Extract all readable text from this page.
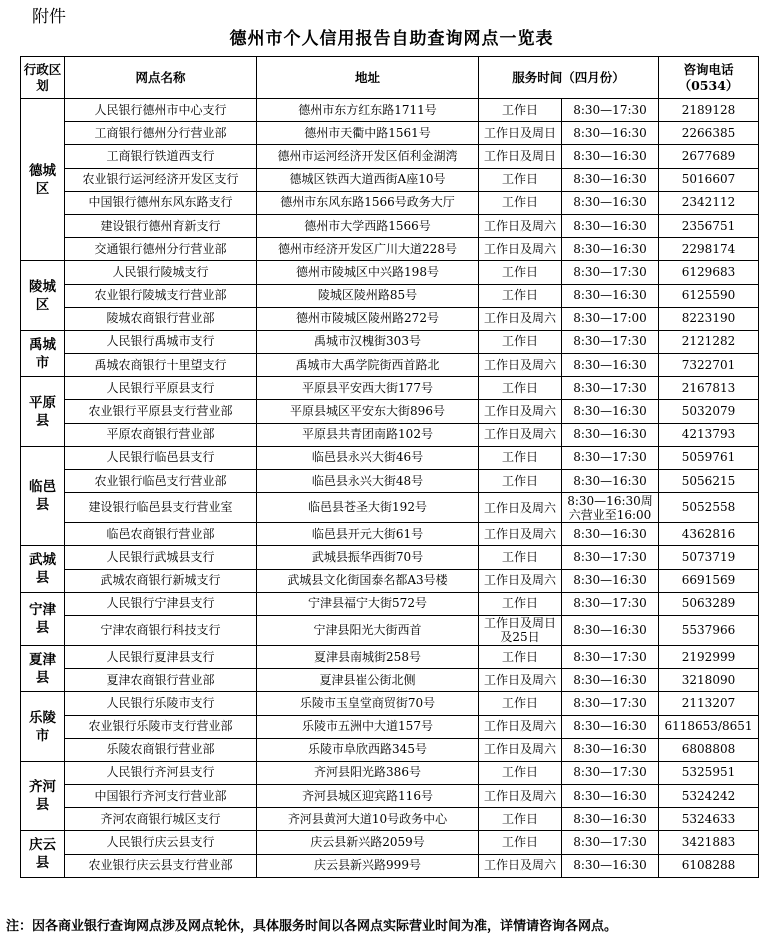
附件
德州市个人信用报告自助查询网点一览表
行政区划	网点名称	地址	服务时间（四月份）		咨询电话（0534）
德城区	人民银行德州市中心支行	德州市东方红东路1711号	工作日	8:30—17:30	2189128
	工商银行德州分行营业部	德州市天衢中路1561号	工作日及周日	8:30—16:30	2266385
	工商银行铁道西支行	德州市运河经济开发区佰利金湖湾	工作日及周日	8:30—16:30	2677689
	农业银行运河经济开发区支行	德城区铁西大道西街A座10号	工作日	8:30—16:30	5016607
	中国银行德州东风东路支行	德州市东风东路1566号政务大厅	工作日	8:30—16:30	2342112
	建设银行德州育新支行	德州市大学西路1566号	工作日及周六	8:30—16:30	2356751
	交通银行德州分行营业部	德州市经济开发区广川大道228号	工作日及周六	8:30—16:30	2298174
陵城区	人民银行陵城支行	德州市陵城区中兴路198号	工作日	8:30—17:30	6129683
	农业银行陵城支行营业部	陵城区陵州路85号	工作日	8:30—16:30	6125590
	陵城农商银行营业部	德州市陵城区陵州路272号	工作日及周六	8:30—17:00	8223190
禹城市	人民银行禹城市支行	禹城市汉槐街303号	工作日	8:30—17:30	2121282
	禹城农商银行十里望支行	禹城市大禹学院街西首路北	工作日及周六	8:30—16:30	7322701
平原县	人民银行平原县支行	平原县平安西大街177号	工作日	8:30—17:30	2167813
	农业银行平原县支行营业部	平原县城区平安东大街896号	工作日及周六	8:30—16:30	5032079
	平原农商银行营业部	平原县共青团南路102号	工作日及周六	8:30—16:30	4213793
临邑县	人民银行临邑县支行	临邑县永兴大街46号	工作日	8:30—17:30	5059761
	农业银行临邑支行营业部	临邑县永兴大街48号	工作日	8:30—16:30	5056215
	建设银行临邑县支行营业室	临邑县苍圣大街192号	工作日及周六	8:30—16:30周六营业至16:00	5052558
	临邑农商银行营业部	临邑县开元大街61号	工作日及周六	8:30—16:30	4362816
武城县	人民银行武城县支行	武城县振华西街70号	工作日	8:30—17:30	5073719
	武城农商银行新城支行	武城县文化街国泰名都A3号楼	工作日及周六	8:30—16:30	6691569
宁津县	人民银行宁津县支行	宁津县福宁大街572号	工作日	8:30—17:30	5063289
	宁津农商银行科技支行	宁津县阳光大街西首	工作日及周日及25日	8:30—16:30	5537966
夏津县	人民银行夏津县支行	夏津县南城街258号	工作日	8:30—17:30	2192999
	夏津农商银行营业部	夏津县崔公街北侧	工作日及周六	8:30—16:30	3218090
乐陵市	人民银行乐陵市支行	乐陵市玉皇堂商贸街70号	工作日	8:30—17:30	2113207
	农业银行乐陵市支行营业部	乐陵市五洲中大道157号	工作日及周六	8:30—16:30	6118653/8651
	乐陵农商银行营业部	乐陵市阜欣西路345号	工作日及周六	8:30—16:30	6808808
齐河县	人民银行齐河县支行	齐河县阳光路386号	工作日	8:30—17:30	5325951
	中国银行齐河支行营业部	齐河县城区迎宾路116号	工作日及周六	8:30—16:30	5324242
	齐河农商银行城区支行	齐河县黄河大道10号政务中心	工作日	8:30—16:30	5324633
庆云县	人民银行庆云县支行	庆云县新兴路2059号	工作日	8:30—17:30	3421883
	农业银行庆云县支行营业部	庆云县新兴路999号	工作日及周六	8:30—16:30	6108288
注：因各商业银行查询网点涉及网点轮休，具体服务时间以各网点实际营业时间为准，详情请咨询各网点。
